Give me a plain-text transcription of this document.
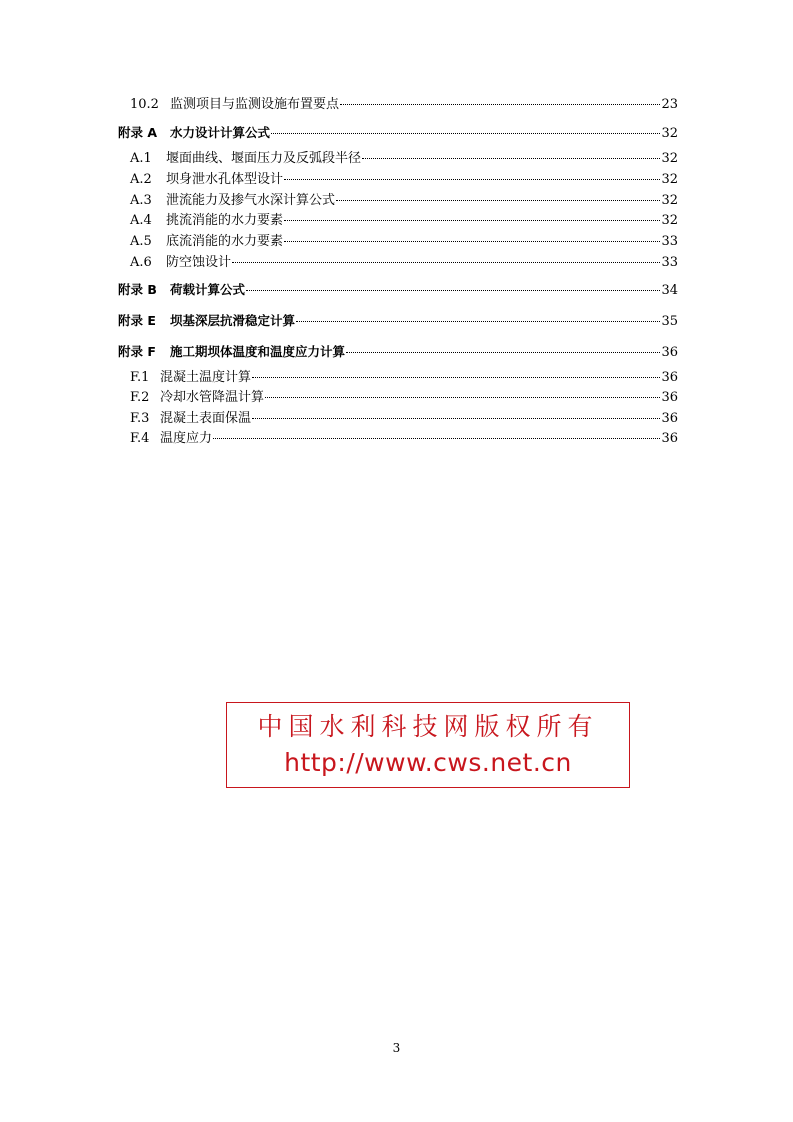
10.2 监测项目与监测设施布置要点	23
附录 A	水力设计计算公式	32
A.1	堰面曲线、堰面压力及反弧段半径	32
A.2	坝身泄水孔体型设计	32
A.3	泄流能力及掺气水深计算公式	32
A.4	挑流消能的水力要素	32
A.5	底流消能的水力要素	33
A.6	防空蚀设计	33
附录 B	荷载计算公式	34
附录 E	坝基深层抗滑稳定计算	35
附录 F	施工期坝体温度和温度应力计算	36
F.1 混凝土温度计算	36
F.2 冷却水管降温计算	36
F.3 混凝土表面保温	36
F.4 温度应力	36
中国水利科技网版权所有
http://www.cws.net.cn
3
